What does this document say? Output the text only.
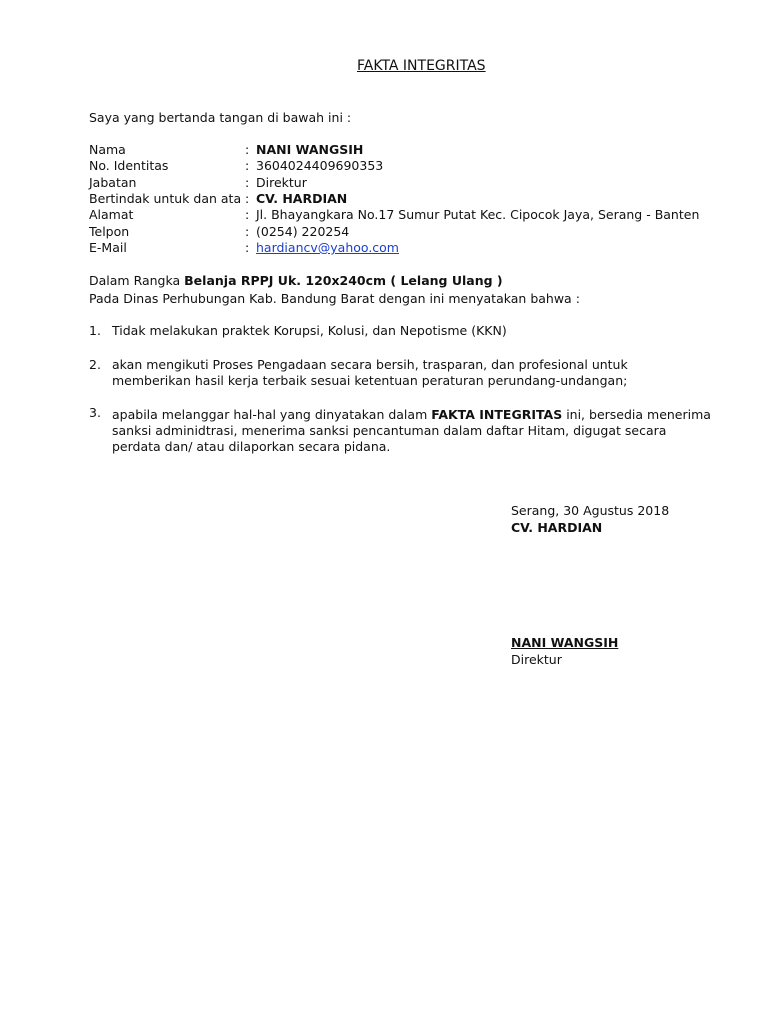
FAKTA INTEGRITAS
Saya yang bertanda tangan di bawah ini :
Nama	: NANI WANGSIH
No. Identitas	: 3604024409690353
Jabatan	: Direktur
Bertindak untuk dan ata : CV. HARDIAN
Alamat	: Jl. Bhayangkara No.17 Sumur Putat Kec. Cipocok Jaya, Serang - Banten
Telpon	: (0254) 220254
E-Mail	: hardiancv@yahoo.com
Dalam Rangka Belanja RPPJ Uk. 120x240cm ( Lelang Ulang )
Pada Dinas Perhubungan Kab. Bandung Barat dengan ini menyatakan bahwa :
1. Tidak melakukan praktek Korupsi, Kolusi, dan Nepotisme (KKN)
2. akan mengikuti Proses Pengadaan secara bersih, trasparan, dan profesional untuk
memberikan hasil kerja terbaik sesuai ketentuan peraturan perundang-undangan;
3. apabila melanggar hal-hal yang dinyatakan dalam FAKTA INTEGRITAS ini, bersedia menerima
sanksi adminidtrasi, menerima sanksi pencantuman dalam daftar Hitam, digugat secara
perdata dan/ atau dilaporkan secara pidana.
Serang, 30 Agustus 2018
CV. HARDIAN
NANI WANGSIH
Direktur
